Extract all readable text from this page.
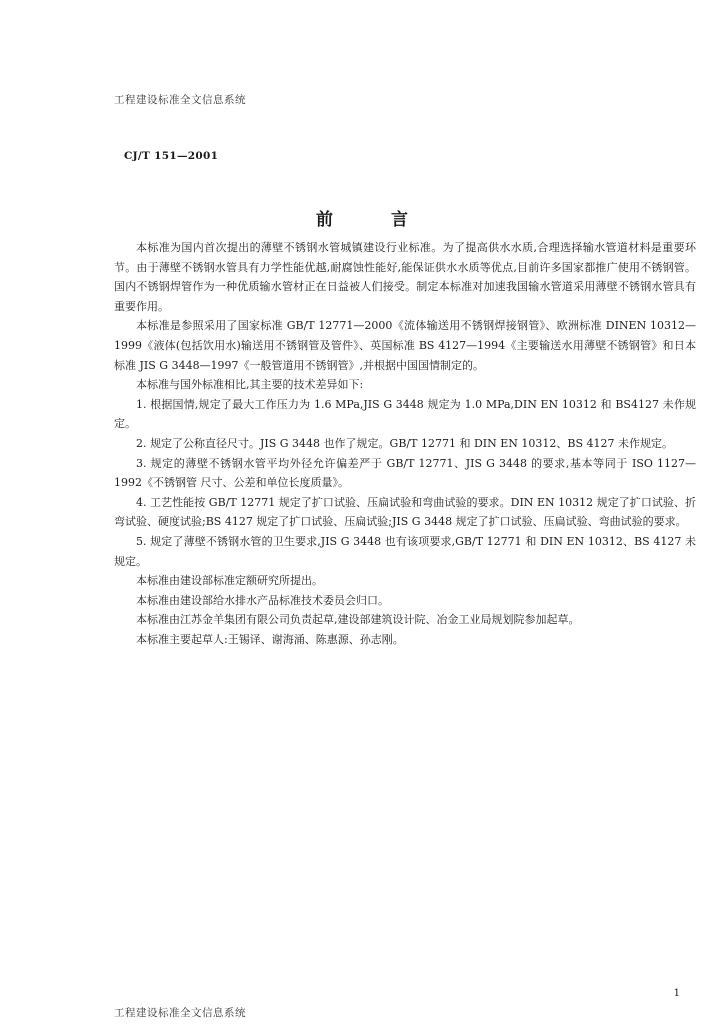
工程建设标准全文信息系统
CJ/T 151—2001
前言

本标准为国内首次提出的薄壁不锈钢水管城镇建设行业标准。为了提高供水水质,合理选择输水管道材料是重要环节。由于薄壁不锈钢水管具有力学性能优越,耐腐蚀性能好,能保证供水水质等优点,目前许多国家都推广使用不锈钢管。国内不锈钢焊管作为一种优质输水管材正在日益被人们接受。制定本标准对加速我国输水管道采用薄壁不锈钢水管具有重要作用。

本标准是参照采用了国家标准 GB/T 12771—2000《流体输送用不锈钢焊接钢管》、欧洲标准 DINEN 10312—1999《液体(包括饮用水)输送用不锈钢管及管件》、英国标准 BS 4127—1994《主要输送水用薄壁不锈钢管》和日本标准 JIS G 3448—1997《一般管道用不锈钢管》,并根据中国国情制定的。

本标准与国外标准相比,其主要的技术差异如下:

1. 根据国情,规定了最大工作压力为 1.6 MPa,JIS G 3448 规定为 1.0 MPa,DIN EN 10312 和 BS4127 未作规定。

2. 规定了公称直径尺寸。JIS G 3448 也作了规定。GB/T 12771 和 DIN EN 10312、BS 4127 未作规定。

3. 规定的薄壁不锈钢水管平均外径允许偏差严于 GB/T 12771、JIS G 3448 的要求,基本等同于 ISO 1127—1992《不锈钢管 尺寸、公差和单位长度质量》。

4. 工艺性能按 GB/T 12771 规定了扩口试验、压扁试验和弯曲试验的要求。DIN EN 10312 规定了扩口试验、折弯试验、硬度试验;BS 4127 规定了扩口试验、压扁试验;JIS G 3448 规定了扩口试验、压扁试验、弯曲试验的要求。

5. 规定了薄壁不锈钢水管的卫生要求,JIS G 3448 也有该项要求,GB/T 12771 和 DIN EN 10312、BS 4127 未规定。

本标准由建设部标准定额研究所提出。

本标准由建设部给水排水产品标准技术委员会归口。

本标准由江苏金羊集团有限公司负责起草,建设部建筑设计院、冶金工业局规划院参加起草。

本标准主要起草人:王锡译、谢海涌、陈惠源、孙志刚。

1
工程建设标准全文信息系统
